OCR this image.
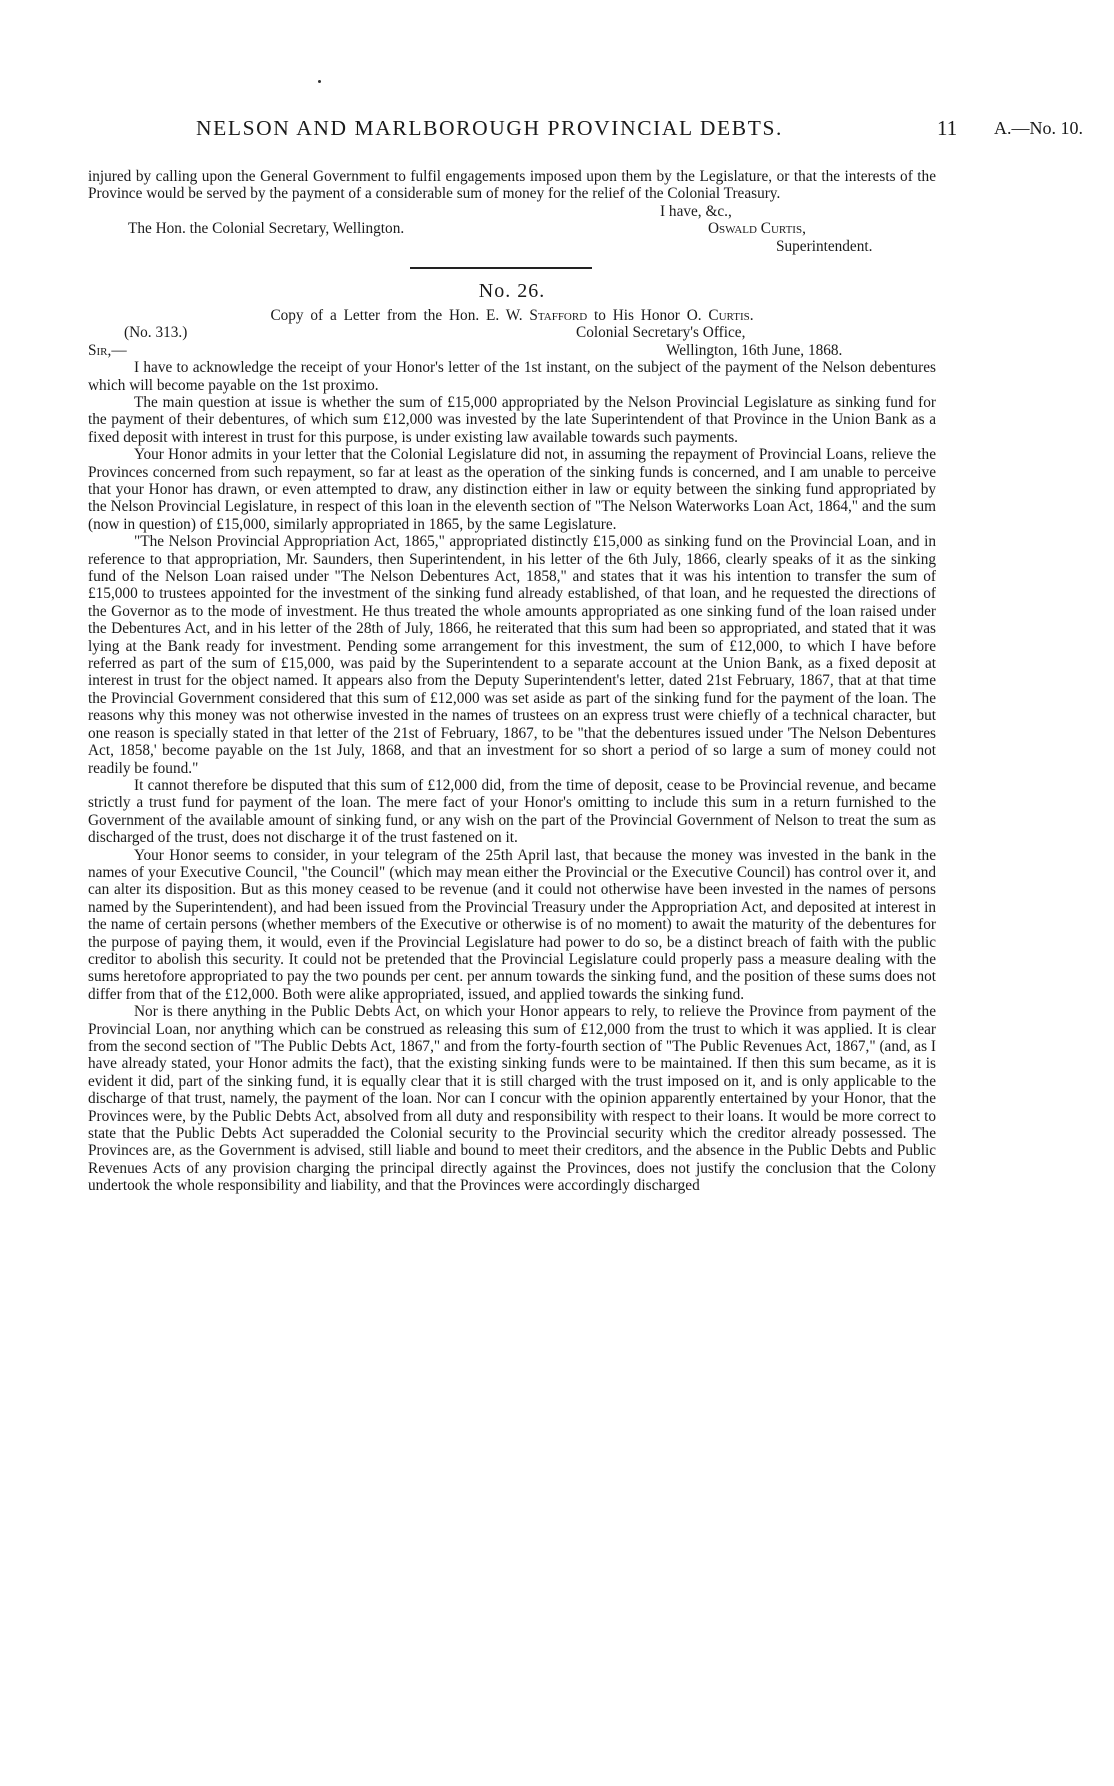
NELSON AND MARLBOROUGH PROVINCIAL DEBTS.	11 A.—No. 10.

injured by calling upon the General Government to fulfil engagements imposed upon them by the Legislature, or that the interests of the Province would be served by the payment of a considerable sum of money for the relief of the Colonial Treasury.

I have, &c.,
The Hon. the Colonial Secretary, Wellington.	Oswald Curtis,
Superintendent.
No. 26.
Copy of a Letter from the Hon. E. W. Stafford to His Honor O. Curtis.
(No. 313.)	Colonial Secretary's Office,
Sir,—	Wellington, 16th June, 1868.

I have to acknowledge the receipt of your Honor's letter of the 1st instant, on the subject of the payment of the Nelson debentures which will become payable on the 1st proximo.

The main question at issue is whether the sum of £15,000 appropriated by the Nelson Provincial Legislature as sinking fund for the payment of their debentures, of which sum £12,000 was invested by the late Superintendent of that Province in the Union Bank as a fixed deposit with interest in trust for this purpose, is under existing law available towards such payments.

Your Honor admits in your letter that the Colonial Legislature did not, in assuming the repayment of Provincial Loans, relieve the Provinces concerned from such repayment, so far at least as the operation of the sinking funds is concerned, and I am unable to perceive that your Honor has drawn, or even attempted to draw, any distinction either in law or equity between the sinking fund appropriated by the Nelson Provincial Legislature, in respect of this loan in the eleventh section of "The Nelson Waterworks Loan Act, 1864," and the sum (now in question) of £15,000, similarly appropriated in 1865, by the same Legislature.

"The Nelson Provincial Appropriation Act, 1865," appropriated distinctly £15,000 as sinking fund on the Provincial Loan, and in reference to that appropriation, Mr. Saunders, then Superintendent, in his letter of the 6th July, 1866, clearly speaks of it as the sinking fund of the Nelson Loan raised under "The Nelson Debentures Act, 1858," and states that it was his intention to transfer the sum of £15,000 to trustees appointed for the investment of the sinking fund already established, of that loan, and he requested the directions of the Governor as to the mode of investment. He thus treated the whole amounts appropriated as one sinking fund of the loan raised under the Debentures Act, and in his letter of the 28th of July, 1866, he reiterated that this sum had been so appropriated, and stated that it was lying at the Bank ready for investment. Pending some arrangement for this investment, the sum of £12,000, to which I have before referred as part of the sum of £15,000, was paid by the Superintendent to a separate account at the Union Bank, as a fixed deposit at interest in trust for the object named. It appears also from the Deputy Superintendent's letter, dated 21st February, 1867, that at that time the Provincial Government considered that this sum of £12,000 was set aside as part of the sinking fund for the payment of the loan. The reasons why this money was not otherwise invested in the names of trustees on an express trust were chiefly of a technical character, but one reason is specially stated in that letter of the 21st of February, 1867, to be "that the debentures issued under 'The Nelson Debentures Act, 1858,' become payable on the 1st July, 1868, and that an investment for so short a period of so large a sum of money could not readily be found."

It cannot therefore be disputed that this sum of £12,000 did, from the time of deposit, cease to be Provincial revenue, and became strictly a trust fund for payment of the loan. The mere fact of your Honor's omitting to include this sum in a return furnished to the Government of the available amount of sinking fund, or any wish on the part of the Provincial Government of Nelson to treat the sum as discharged of the trust, does not discharge it of the trust fastened on it.

Your Honor seems to consider, in your telegram of the 25th April last, that because the money was invested in the bank in the names of your Executive Council, "the Council" (which may mean either the Provincial or the Executive Council) has control over it, and can alter its disposition. But as this money ceased to be revenue (and it could not otherwise have been invested in the names of persons named by the Superintendent), and had been issued from the Provincial Treasury under the Appropriation Act, and deposited at interest in the name of certain persons (whether members of the Executive or otherwise is of no moment) to await the maturity of the debentures for the purpose of paying them, it would, even if the Provincial Legislature had power to do so, be a distinct breach of faith with the public creditor to abolish this security. It could not be pretended that the Provincial Legislature could properly pass a measure dealing with the sums heretofore appropriated to pay the two pounds per cent. per annum towards the sinking fund, and the position of these sums does not differ from that of the £12,000. Both were alike appropriated, issued, and applied towards the sinking fund.

Nor is there anything in the Public Debts Act, on which your Honor appears to rely, to relieve the Province from payment of the Provincial Loan, nor anything which can be construed as releasing this sum of £12,000 from the trust to which it was applied. It is clear from the second section of "The Public Debts Act, 1867," and from the forty-fourth section of "The Public Revenues Act, 1867," (and, as I have already stated, your Honor admits the fact), that the existing sinking funds were to be maintained. If then this sum became, as it is evident it did, part of the sinking fund, it is equally clear that it is still charged with the trust imposed on it, and is only applicable to the discharge of that trust, namely, the payment of the loan. Nor can I concur with the opinion apparently entertained by your Honor, that the Provinces were, by the Public Debts Act, absolved from all duty and responsibility with respect to their loans. It would be more correct to state that the Public Debts Act superadded the Colonial security to the Provincial security which the creditor already possessed. The Provinces are, as the Government is advised, still liable and bound to meet their creditors, and the absence in the Public Debts and Public Revenues Acts of any provision charging the principal directly against the Provinces, does not justify the conclusion that the Colony undertook the whole responsibility and liability, and that the Provinces were accordingly discharged
